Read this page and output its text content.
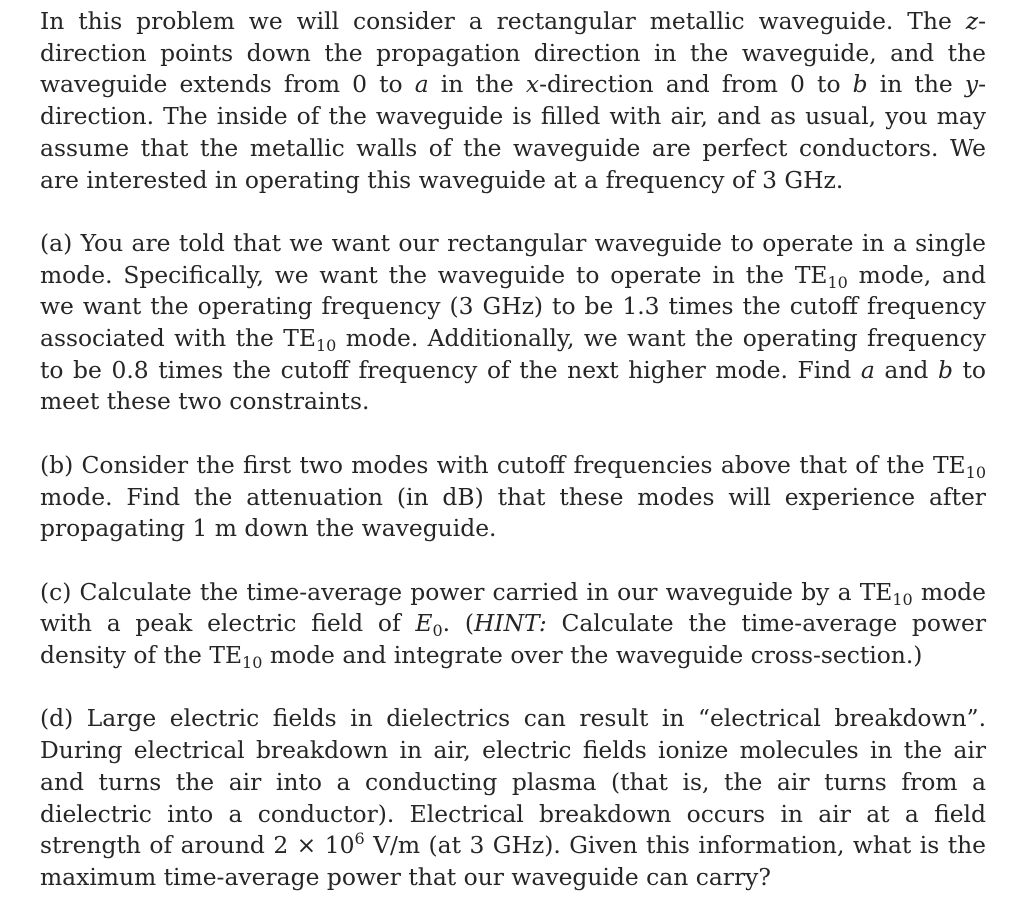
In this problem we will consider a rectangular metallic waveguide. The z-direction points down the propagation direction in the waveguide, and the waveguide extends from 0 to a in the x-direction and from 0 to b in the y-direction. The inside of the waveguide is filled with air, and as usual, you may assume that the metallic walls of the waveguide are perfect conductors. We are interested in operating this waveguide at a frequency of 3 GHz.

(a) You are told that we want our rectangular waveguide to operate in a single mode. Specifically, we want the waveguide to operate in the $TE_{10}$ mode, and we want the operating frequency (3 GHz) to be 1.3 times the cutoff frequency associated with the $TE_{10}$ mode. Additionally, we want the operating frequency to be 0.8 times the cutoff frequency of the next higher mode. Find a and b to meet these two constraints.

(b) Consider the first two modes with cutoff frequencies above that of the $TE_{10}$ mode. Find the attenuation (in dB) that these modes will experience after propagating 1 m down the waveguide.

(c) Calculate the time-average power carried in our waveguide by a $TE_{10}$ mode with a peak electric field of $E_0$. (HINT: Calculate the time-average power density of the $TE_{10}$ mode and integrate over the waveguide cross-section.)

(d) Large electric fields in dielectrics can result in “electrical breakdown”. During electrical breakdown in air, electric fields ionize molecules in the air and turns the air into a conducting plasma (that is, the air turns from a dielectric into a conductor). Electrical breakdown occurs in air at a field strength of around $2 \times 10^6$ V/m (at 3 GHz). Given this information, what is the maximum time-average power that our waveguide can carry?
